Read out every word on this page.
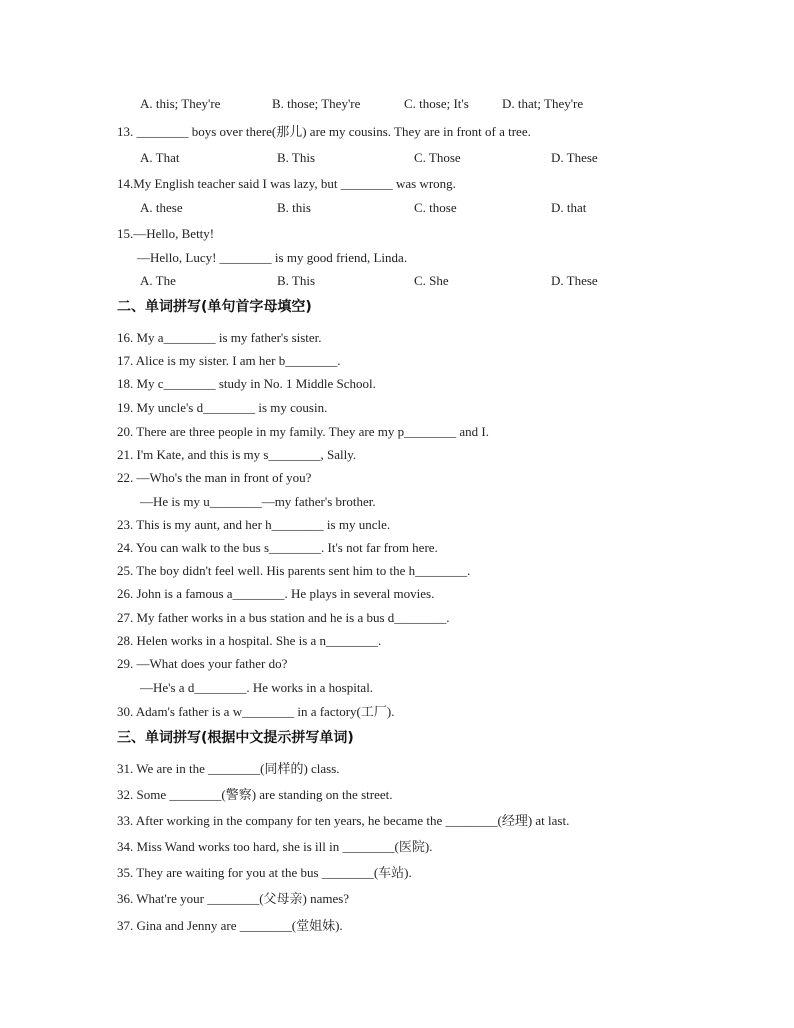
A. this; They're	B. those; They're	C. those; It's	D. that; They're
13. ________ boys over there(那儿) are my cousins. They are in front of a tree.
A. That	B. This	C. Those	D. These
14.My English teacher said I was lazy, but ________ was wrong.
A. these	B. this	C. those	D. that
15.—Hello, Betty!
—Hello, Lucy! ________ is my good friend, Linda.
A. The	B. This	C. She	D. These
二、单词拼写(单句首字母填空)
16. My a________ is my father's sister.
17. Alice is my sister. I am her b________.
18. My c________ study in No. 1 Middle School.
19. My uncle's d________ is my cousin.
20. There are three people in my family. They are my p________ and I.
21. I'm Kate, and this is my s________, Sally.
22. —Who's the man in front of you?
—He is my u________—my father's brother.
23. This is my aunt, and her h________ is my uncle.
24. You can walk to the bus s________. It's not far from here.
25. The boy didn't feel well. His parents sent him to the h________.
26. John is a famous a________. He plays in several movies.
27. My father works in a bus station and he is a bus d________.
28. Helen works in a hospital. She is a n________.
29. —What does your father do?
—He's a d________. He works in a hospital.
30. Adam's father is a w________ in a factory(工厂).
三、单词拼写(根据中文提示拼写单词)
31. We are in the ________(同样的) class.
32. Some ________(警察) are standing on the street.
33. After working in the company for ten years, he became the ________(经理) at last.
34. Miss Wand works too hard, she is ill in ________(医院).
35. They are waiting for you at the bus ________(车站).
36. What're your ________(父母亲) names?
37. Gina and Jenny are ________(堂姐妹).
